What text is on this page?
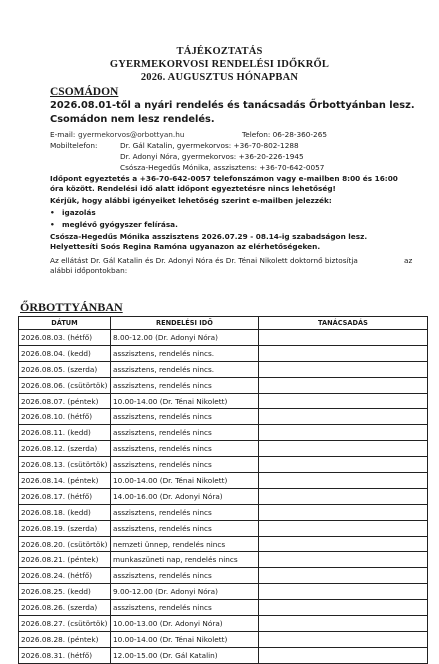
TÁJÉKOZTATÁS
GYERMEKORVOSI RENDELÉSI IDŐKRŐL
2026. AUGUSZTUS HÓNAPBAN
CSOMÁDON
2026.08.01-től a nyári rendelés és tanácsadás Őrbottyánban lesz.
Csomádon nem lesz rendelés.
E-mail: gyermekorvos@orbottyan.hu	Telefon: 06-28-360-265
Mobiltelefon:	Dr. Gál Katalin, gyermekorvos: +36-70-802-1288
Dr. Adonyi Nóra, gyermekorvos: +36-20-226-1945
Csósza-Hegedűs Mónika, asszisztens: +36-70-642-0057
Időpont egyeztetés a +36-70-642-0057 telefonszámon vagy e-mailben 8:00 és 16:00 óra között. Rendelési idő alatt időpont egyeztetésre nincs lehetőség!
Kérjük, hogy alábbi igényeiket lehetőség szerint e-mailben jelezzék:
• igazolás
• meglévő gyógyszer felírása.
Csósza-Hegedűs Mónika asszisztens 2026.07.29 - 08.14-ig szabadságon lesz. Helyettesíti Soós Regina Ramóna ugyanazon az elérhetőségeken.
Az ellátást Dr. Gál Katalin és Dr. Adonyi Nóra és Dr. Ténai Nikolett doktornő biztosítja	az
alábbi időpontokban:
ŐRBOTTYÁNBAN
DÁTUM	RENDELÉSI IDŐ	TANÁCSADÁS
2026.08.03. (hétfő)	8.00-12.00 (Dr. Adonyi Nóra)	
2026.08.04. (kedd)	asszisztens, rendelés nincs.	
2026.08.05. (szerda)	asszisztens, rendelés nincs.	
2026.08.06. (csütörtök)	asszisztens, rendelés nincs	
2026.08.07. (péntek)	10.00-14.00 (Dr. Ténai Nikolett)	
2026.08.10. (hétfő)	asszisztens, rendelés nincs	
2026.08.11. (kedd)	asszisztens, rendelés nincs	
2026.08.12. (szerda)	asszisztens, rendelés nincs	
2026.08.13. (csütörtök)	asszisztens, rendelés nincs	
2026.08.14. (péntek)	10.00-14.00 (Dr. Ténai Nikolett)	
2026.08.17. (hétfő)	14.00-16.00 (Dr. Adonyi Nóra)	
2026.08.18. (kedd)	asszisztens, rendelés nincs	
2026.08.19. (szerda)	asszisztens, rendelés nincs	
2026.08.20. (csütörtök)	nemzeti ünnep, rendelés nincs	
2026.08.21. (péntek)	munkaszüneti nap, rendelés nincs	
2026.08.24. (hétfő)	asszisztens, rendelés nincs	
2026.08.25. (kedd)	9.00-12.00 (Dr. Adonyi Nóra)	
2026.08.26. (szerda)	asszisztens, rendelés nincs	
2026.08.27. (csütörtök)	10.00-13.00 (Dr. Adonyi Nóra)	
2026.08.28. (péntek)	10.00-14.00 (Dr. Ténai Nikolett)	
2026.08.31. (hétfő)	12.00-15.00 (Dr. Gál Katalin)	
